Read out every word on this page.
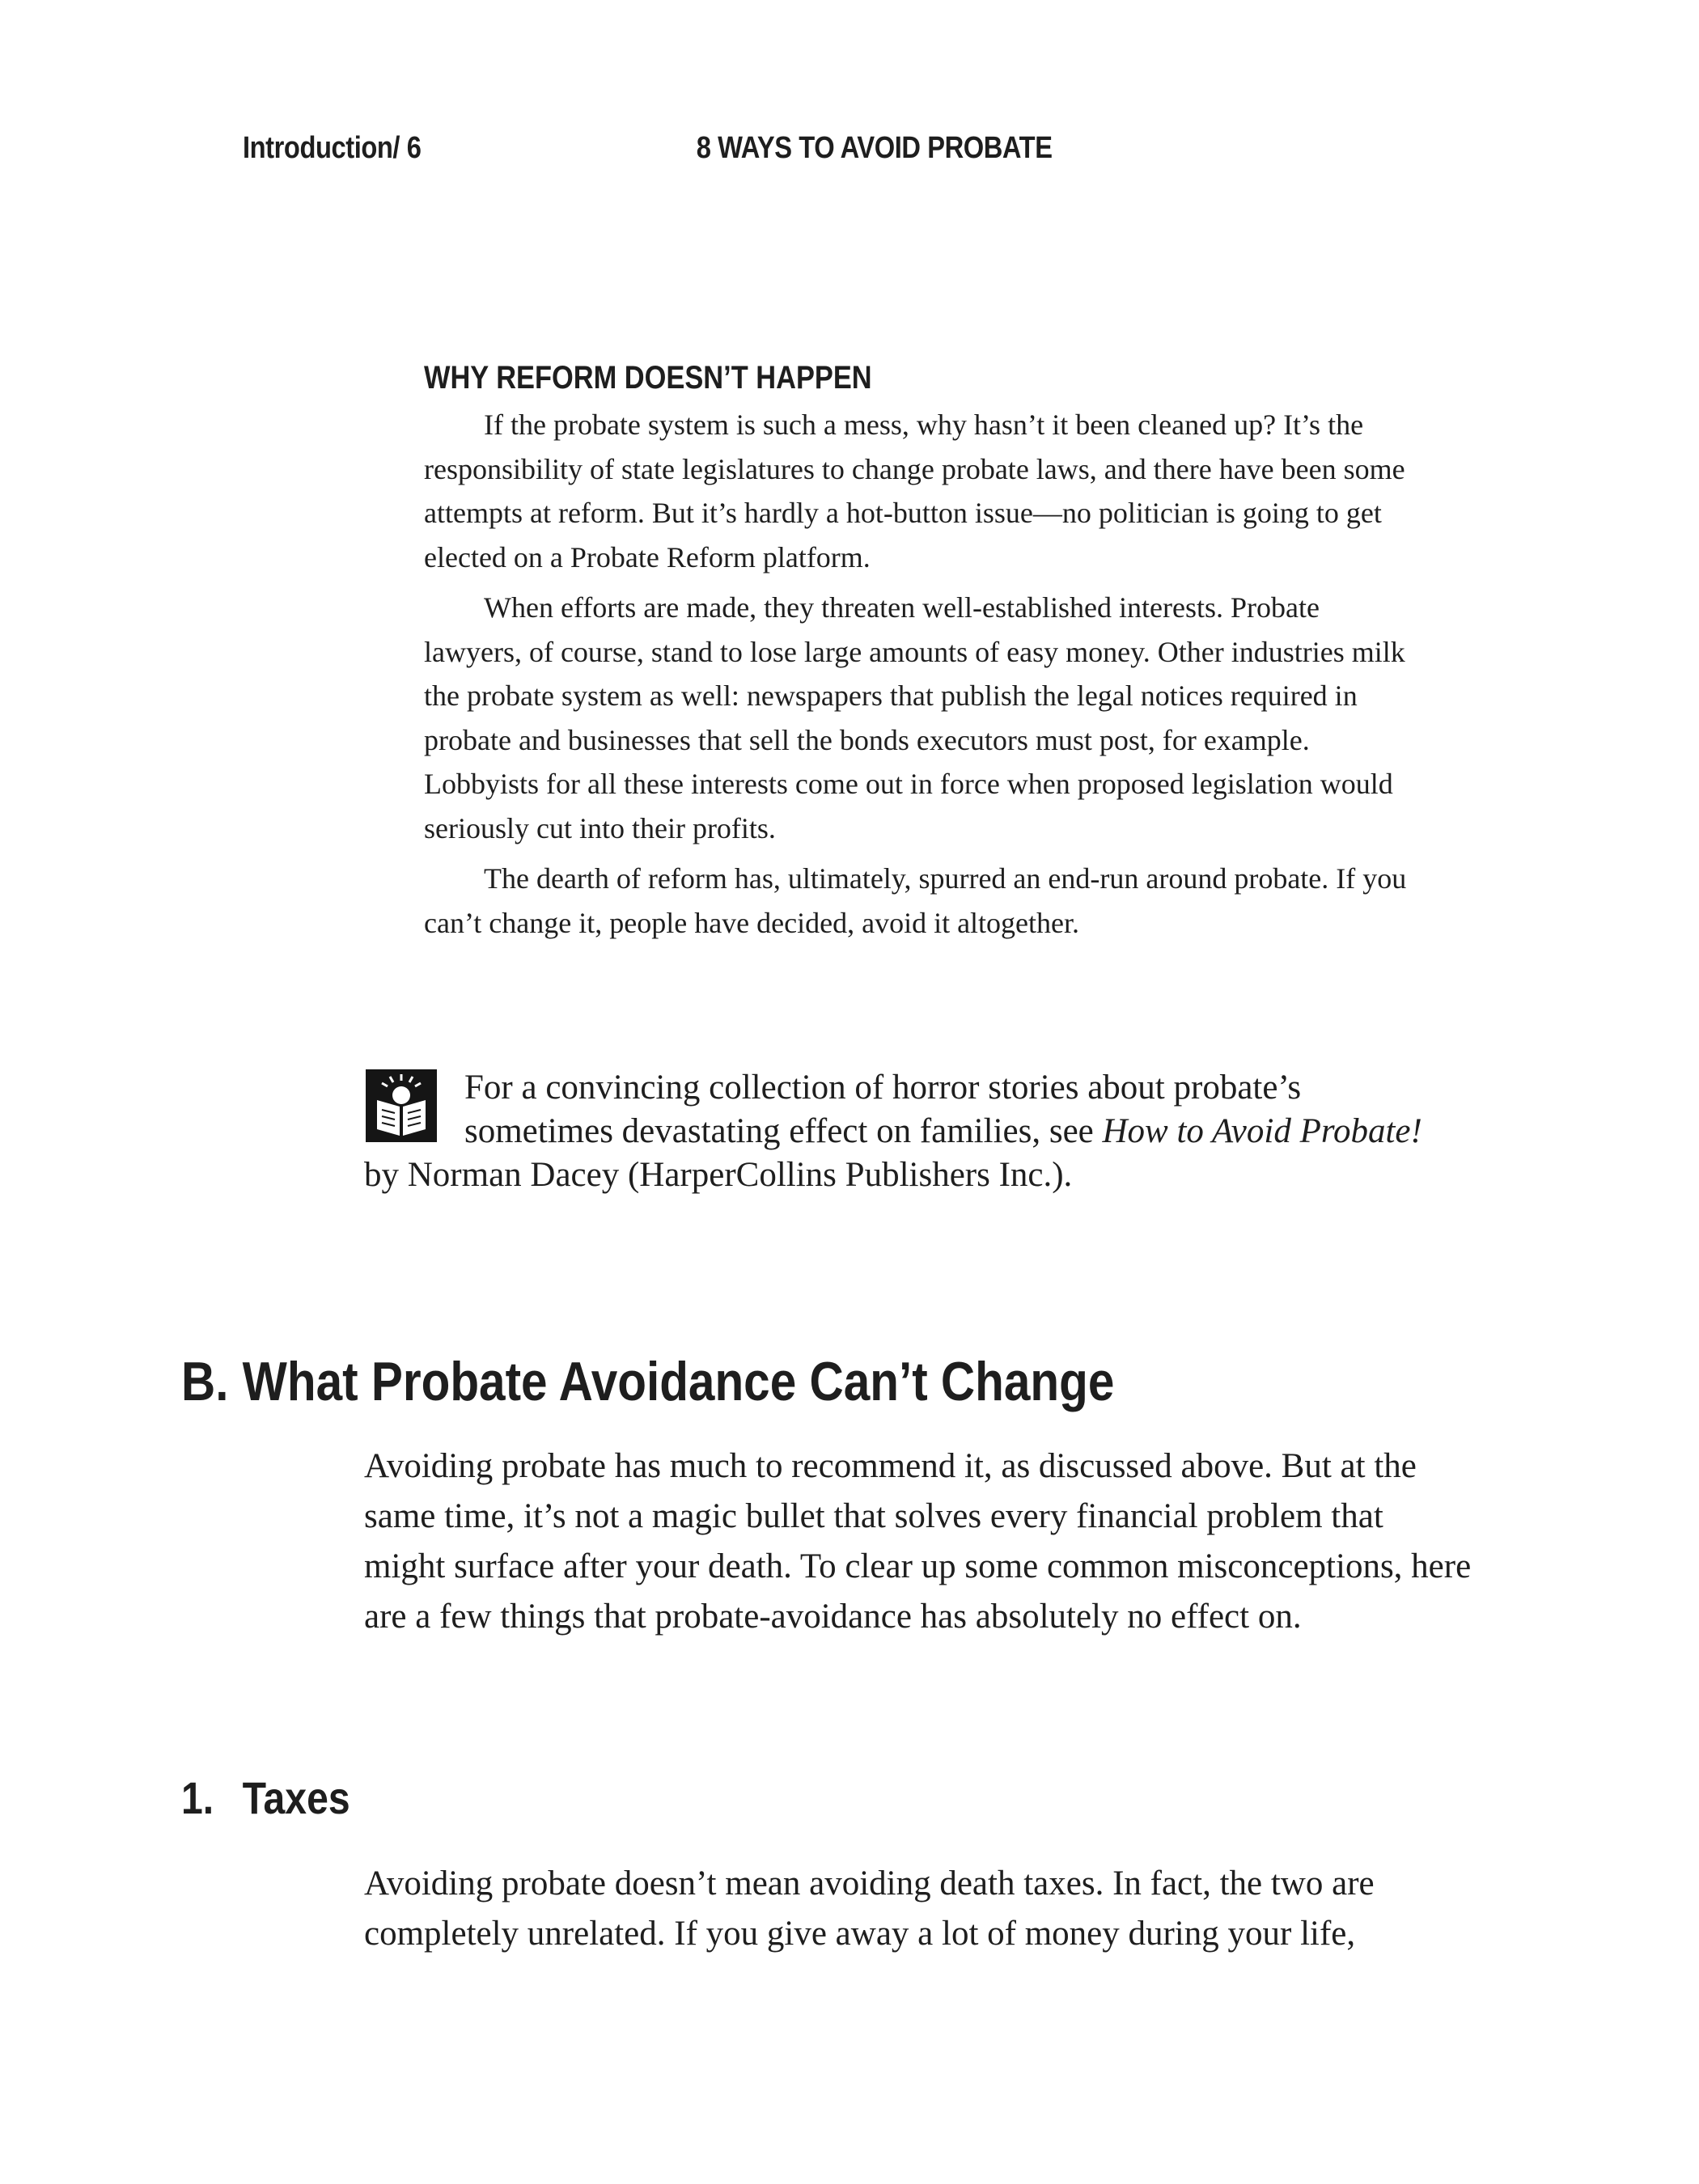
Introduction/ 6	8 WAYS TO AVOID PROBATE
WHY REFORM DOESN’T HAPPEN

If the probate system is such a mess, why hasn’t it been cleaned up? It’s the responsibility of state legislatures to change probate laws, and there have been some attempts at reform. But it’s hardly a hot-button issue—no politician is going to get elected on a Probate Reform platform.

When efforts are made, they threaten well-established interests. Probate lawyers, of course, stand to lose large amounts of easy money. Other industries milk the probate system as well: newspapers that publish the legal notices required in probate and businesses that sell the bonds executors must post, for example. Lobbyists for all these interests come out in force when proposed legislation would seriously cut into their profits.

The dearth of reform has, ultimately, spurred an end-run around probate. If you can’t change it, people have decided, avoid it altogether.

For a convincing collection of horror stories about probate’s sometimes devastating effect on families, see How to Avoid Probate! by Norman Dacey (HarperCollins Publishers Inc.).

B. What Probate Avoidance Can’t Change

Avoiding probate has much to recommend it, as discussed above. But at the same time, it’s not a magic bullet that solves every financial problem that might surface after your death. To clear up some common misconceptions, here are a few things that probate-avoidance has absolutely no effect on.

1. Taxes

Avoiding probate doesn’t mean avoiding death taxes. In fact, the two are completely unrelated. If you give away a lot of money during your life,
